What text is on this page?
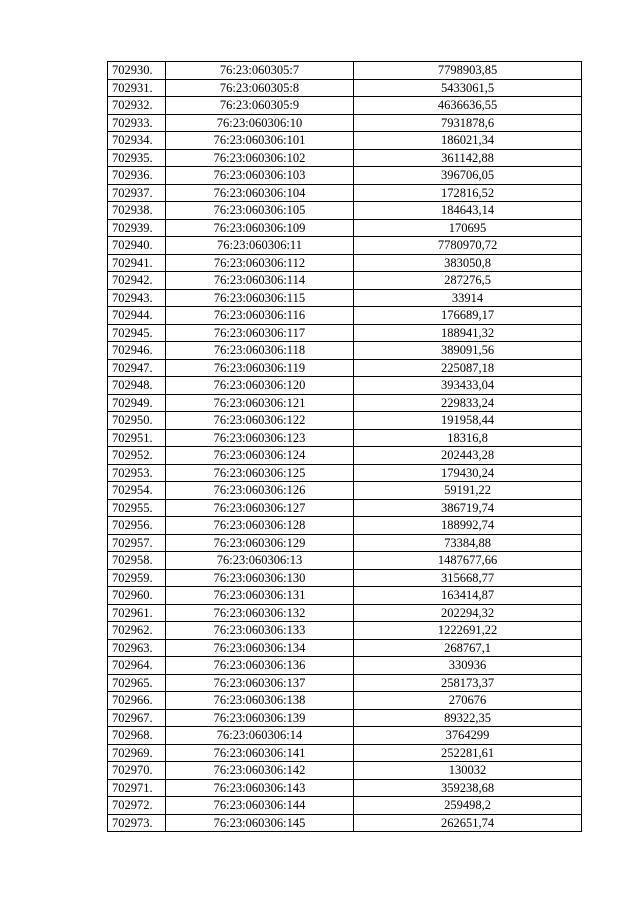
702930.	76:23:060305:7	7798903,85
702931.	76:23:060305:8	5433061,5
702932.	76:23:060305:9	4636636,55
702933.	76:23:060306:10	7931878,6
702934.	76:23:060306:101	186021,34
702935.	76:23:060306:102	361142,88
702936.	76:23:060306:103	396706,05
702937.	76:23:060306:104	172816,52
702938.	76:23:060306:105	184643,14
702939.	76:23:060306:109	170695
702940.	76:23:060306:11	7780970,72
702941.	76:23:060306:112	383050,8
702942.	76:23:060306:114	287276,5
702943.	76:23:060306:115	33914
702944.	76:23:060306:116	176689,17
702945.	76:23:060306:117	188941,32
702946.	76:23:060306:118	389091,56
702947.	76:23:060306:119	225087,18
702948.	76:23:060306:120	393433,04
702949.	76:23:060306:121	229833,24
702950.	76:23:060306:122	191958,44
702951.	76:23:060306:123	18316,8
702952.	76:23:060306:124	202443,28
702953.	76:23:060306:125	179430,24
702954.	76:23:060306:126	59191,22
702955.	76:23:060306:127	386719,74
702956.	76:23:060306:128	188992,74
702957.	76:23:060306:129	73384,88
702958.	76:23:060306:13	1487677,66
702959.	76:23:060306:130	315668,77
702960.	76:23:060306:131	163414,87
702961.	76:23:060306:132	202294,32
702962.	76:23:060306:133	1222691,22
702963.	76:23:060306:134	268767,1
702964.	76:23:060306:136	330936
702965.	76:23:060306:137	258173,37
702966.	76:23:060306:138	270676
702967.	76:23:060306:139	89322,35
702968.	76:23:060306:14	3764299
702969.	76:23:060306:141	252281,61
702970.	76:23:060306:142	130032
702971.	76:23:060306:143	359238,68
702972.	76:23:060306:144	259498,2
702973.	76:23:060306:145	262651,74
